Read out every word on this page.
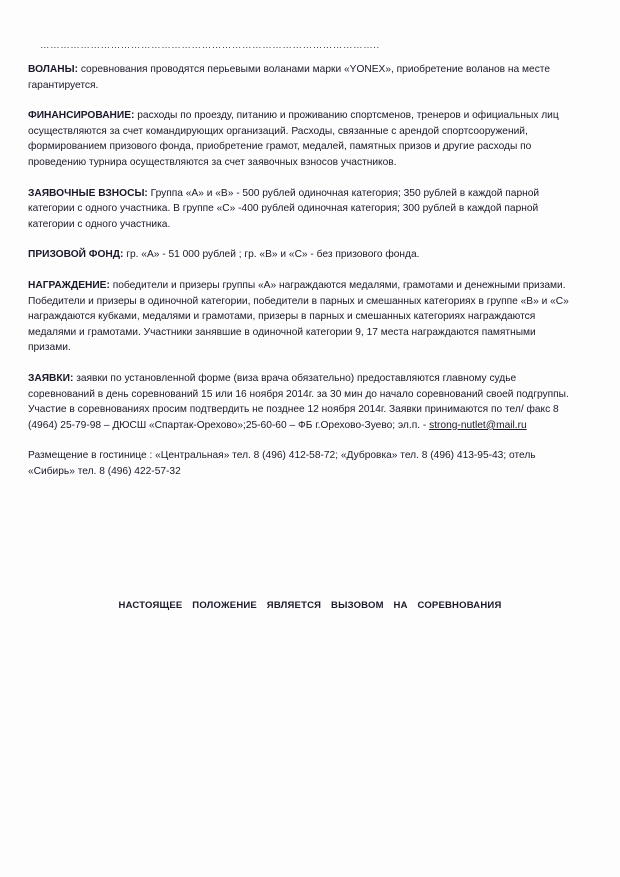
………………………………………………………………………………………..

ВОЛАНЫ: соревнования проводятся перьевыми воланами марки «YONEX», приобретение воланов на месте гарантируется.

ФИНАНСИРОВАНИЕ: расходы по проезду, питанию и проживанию спортсменов, тренеров и официальных лиц осуществляются за счет командирующих организаций. Расходы, связанные с арендой спортсооружений, формированием призового фонда, приобретение грамот, медалей, памятных призов и другие расходы по проведению турнира осуществляются за счет заявочных взносов участников.

ЗАЯВОЧНЫЕ ВЗНОСЫ: Группа «А» и «В» - 500 рублей одиночная категория; 350 рублей в каждой парной категории с одного участника. В группе «С» -400 рублей одиночная категория; 300 рублей в каждой парной категории с одного участника.

ПРИЗОВОЙ ФОНД: гр. «А» - 51 000 рублей ; гр. «В» и «С» - без призового фонда.

НАГРАЖДЕНИЕ: победители и призеры группы «А» награждаются медалями, грамотами и денежными призами. Победители и призеры в одиночной категории, победители в парных и смешанных категориях в группе «В» и «С» награждаются кубками, медалями и грамотами, призеры в парных и смешанных категориях награждаются медалями и грамотами. Участники занявшие в одиночной категории 9, 17 места награждаются памятными призами.

ЗАЯВКИ: заявки по установленной форме (виза врача обязательно) предоставляются главному судье соревнований в день соревнований 15 или 16 ноября 2014г. за 30 мин до начало соревнований своей подгруппы. Участие в соревнованиях просим подтвердить не позднее 12 ноября 2014г. Заявки принимаются по тел/ факс 8 (4964) 25-79-98 – ДЮСШ «Спартак-Орехово»;25-60-60 – ФБ г.Орехово-Зуево; эл.п. - strong-nutlet@mail.ru

Размещение в гостинице : «Центральная» тел. 8 (496) 412-58-72; «Дубровка» тел. 8 (496) 413-95-43; отель «Сибирь» тел. 8 (496) 422-57-32

НАСТОЯЩЕЕ ПОЛОЖЕНИЕ ЯВЛЯЕТСЯ ВЫЗОВОМ НА СОРЕВНОВАНИЯ
